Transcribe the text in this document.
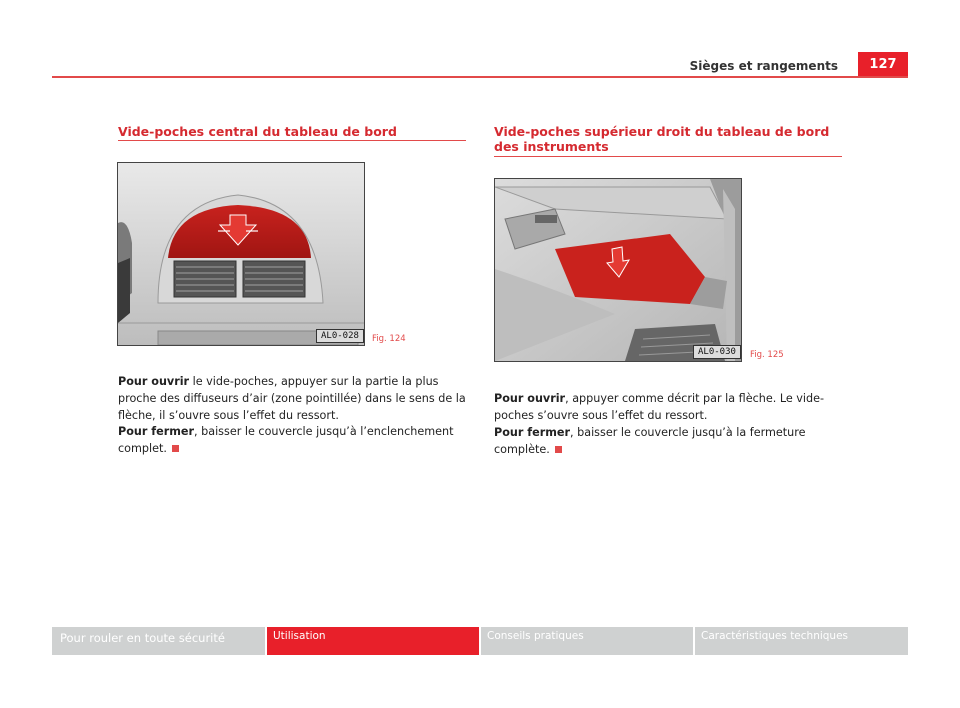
Sièges et rangements	127
Vide-poches central du tableau de bord
AL0-028	Fig. 124
Pour ouvrir le vide-poches, appuyer sur la partie la plus proche des diffuseurs d’air (zone pointillée) dans le sens de la flèche, il s’ouvre sous l’effet du ressort.
Pour fermer, baisser le couvercle jusqu’à l’enclenchement complet.
Vide-poches supérieur droit du tableau de bord des instruments
AL0-030	Fig. 125
Pour ouvrir, appuyer comme décrit par la flèche. Le vide-poches s’ouvre sous l’effet du ressort.
Pour fermer, baisser le couvercle jusqu’à la fermeture complète.
Pour rouler en toute sécurité	Utilisation	Conseils pratiques	Caractéristiques techniques
